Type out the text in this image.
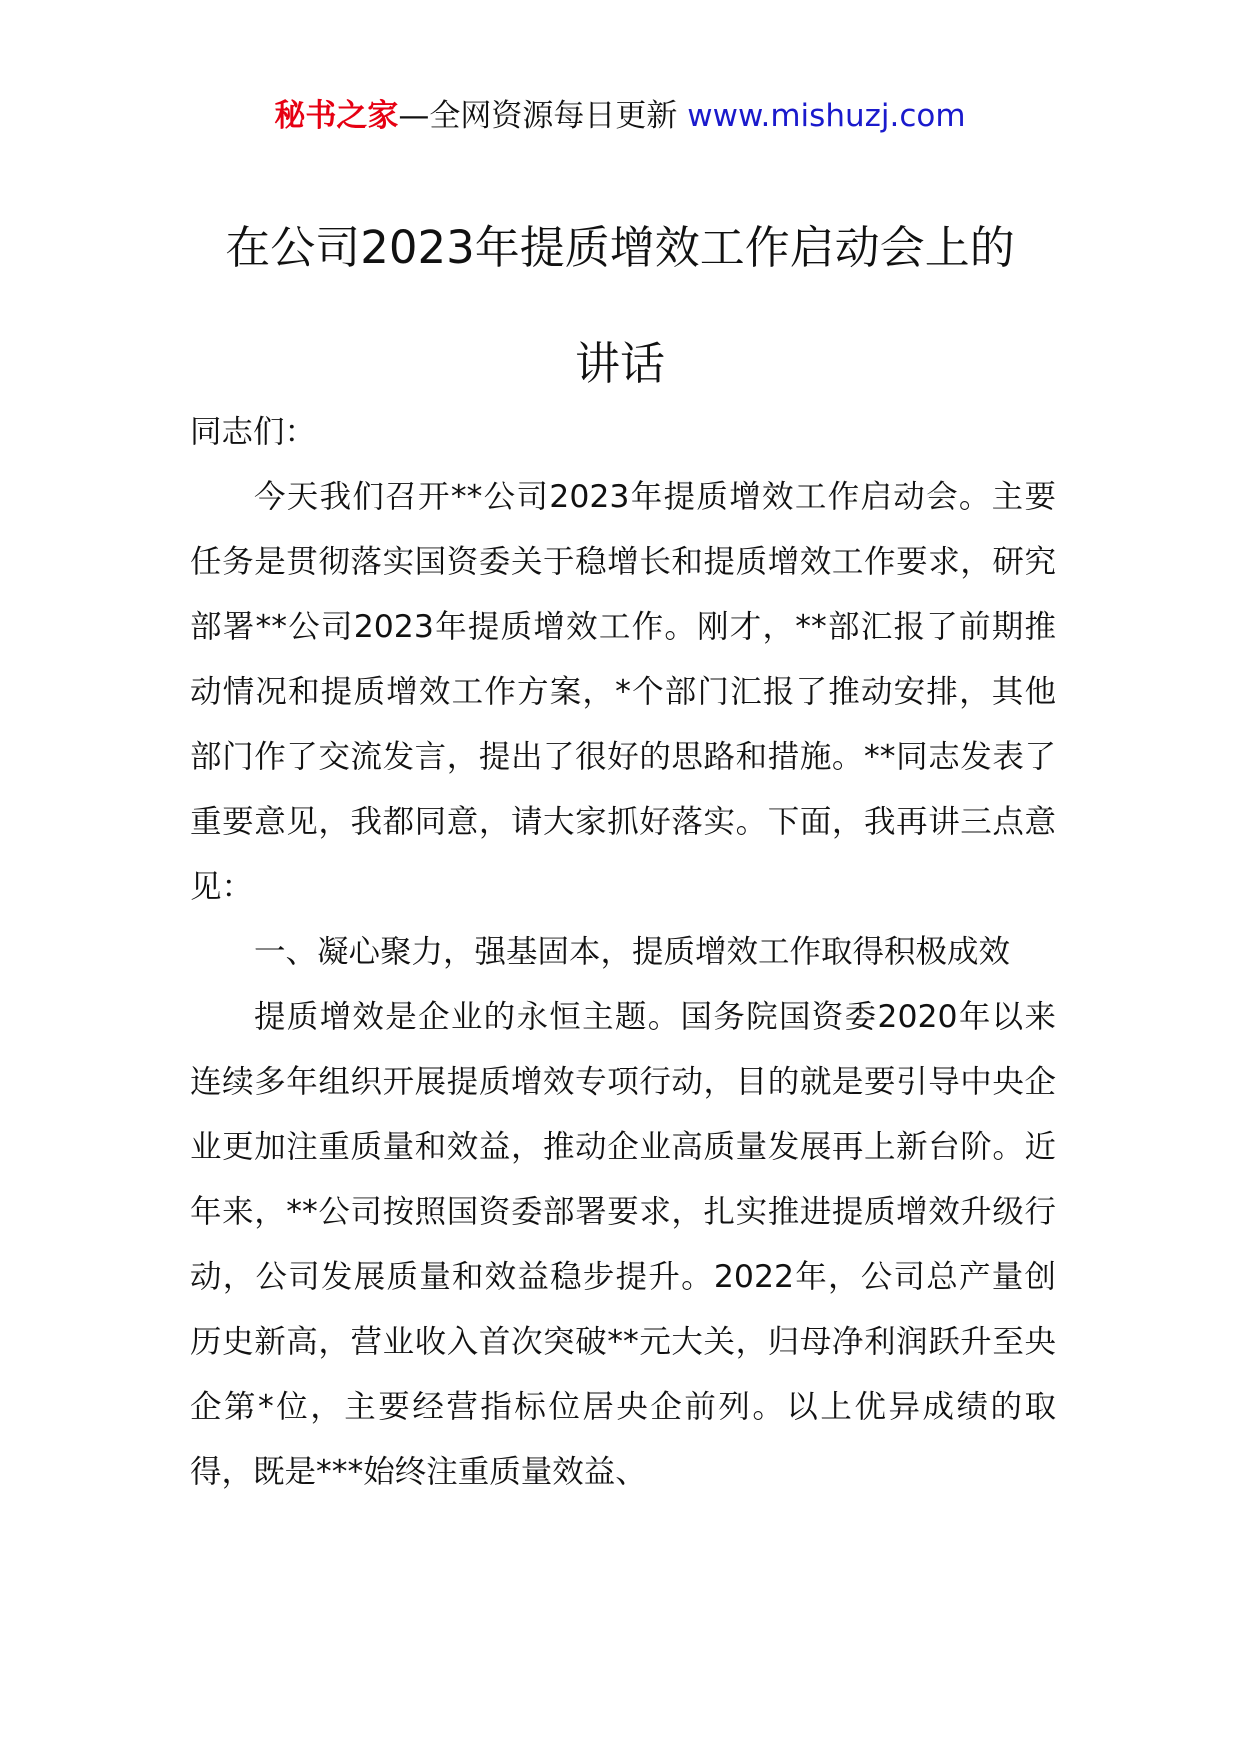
秘书之家—全网资源每日更新 www.mishuzj.com
在公司2023年提质增效工作启动会上的
讲话

同志们：

今天我们召开**公司2023年提质增效工作启动会。主要任务是贯彻落实国资委关于稳增长和提质增效工作要求，研究部署**公司2023年提质增效工作。刚才，**部汇报了前期推动情况和提质增效工作方案，*个部门汇报了推动安排，其他部门作了交流发言，提出了很好的思路和措施。**同志发表了重要意见，我都同意，请大家抓好落实。下面，我再讲三点意见：

一、凝心聚力，强基固本，提质增效工作取得积极成效

提质增效是企业的永恒主题。国务院国资委2020年以来连续多年组织开展提质增效专项行动，目的就是要引导中央企业更加注重质量和效益，推动企业高质量发展再上新台阶。近年来，**公司按照国资委部署要求，扎实推进提质增效升级行动，公司发展质量和效益稳步提升。2022年，公司总产量创历史新高，营业收入首次突破**元大关，归母净利润跃升至央企第*位，主要经营指标位居央企前列。以上优异成绩的取得，既是***始终注重质量效益、
